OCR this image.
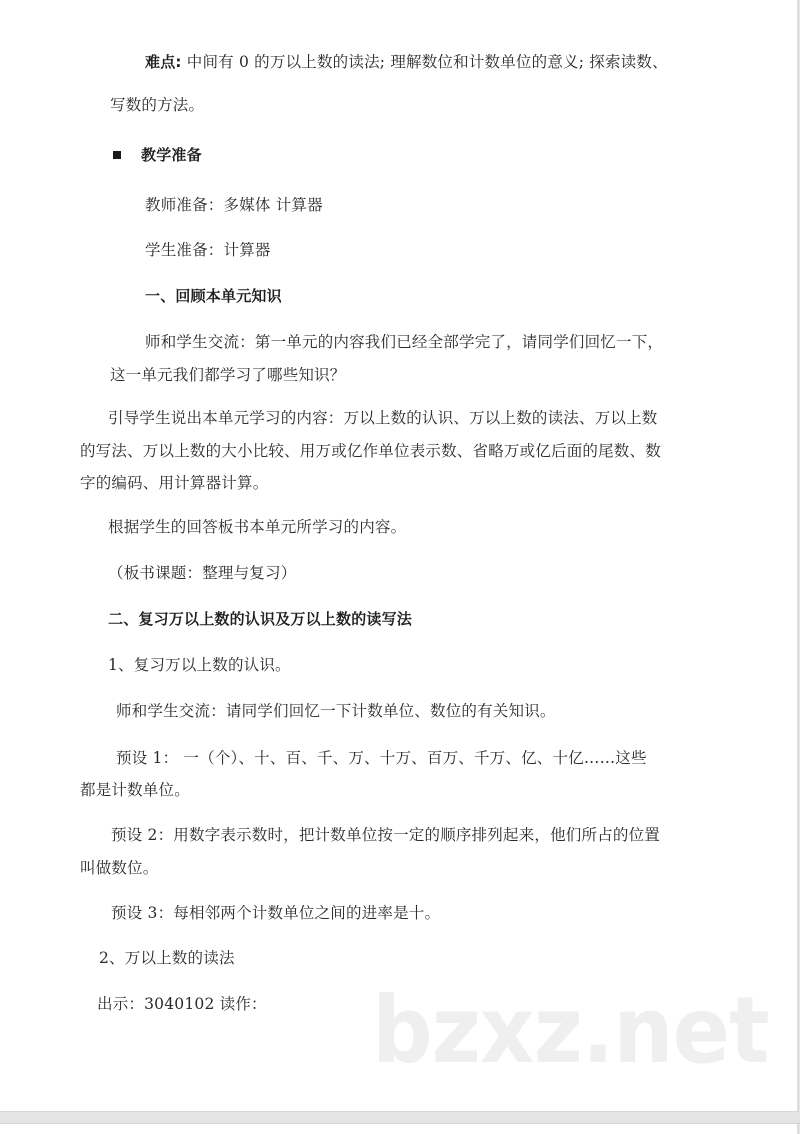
难点: 中间有 0 的万以上数的读法; 理解数位和计数单位的意义; 探索读数、
写数的方法。
教学准备
教师准备：多媒体 计算器
学生准备：计算器
一、回顾本单元知识
师和学生交流：第一单元的内容我们已经全部学完了，请同学们回忆一下，
这一单元我们都学习了哪些知识？
引导学生说出本单元学习的内容：万以上数的认识、万以上数的读法、万以上数
的写法、万以上数的大小比较、用万或亿作单位表示数、省略万或亿后面的尾数、数
字的编码、用计算器计算。
根据学生的回答板书本单元所学习的内容。
（板书课题：整理与复习）
二、复习万以上数的认识及万以上数的读写法
1、复习万以上数的认识。
师和学生交流：请同学们回忆一下计数单位、数位的有关知识。
预设 1： 一（个）、十、百、千、万、十万、百万、千万、亿、十亿……这些
都是计数单位。
预设 2：用数字表示数时，把计数单位按一定的顺序排列起来，他们所占的位置
叫做数位。
预设 3：每相邻两个计数单位之间的进率是十。
2、万以上数的读法
出示：3040102 读作： bzxz.net
